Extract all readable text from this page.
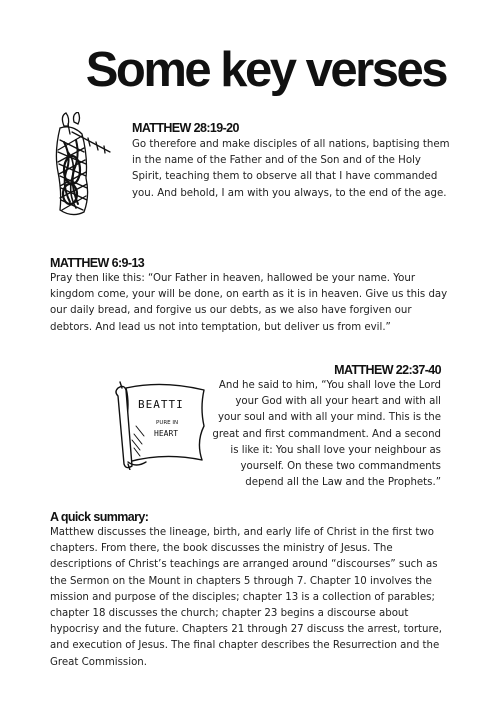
Some key verses
MATTHEW 28:19-20
Go therefore and make disciples of all nations, baptising them in the name of the Father and of the Son and of the Holy Spirit, teaching them to observe all that I have commanded you. And behold, I am with you always, to the end of the age.
MATTHEW 6:9-13
Pray then like this: “Our Father in heaven, hallowed be your name. Your kingdom come, your will be done, on earth as it is in heaven. Give us this day our daily bread, and forgive us our debts, as we also have forgiven our debtors. And lead us not into temptation, but deliver us from evil.”
MATTHEW 22:37-40
And he said to him, “You shall love the Lord your God with all your heart and with all your soul and with all your mind. This is the great and first commandment. And a second is like it: You shall love your neighbour as yourself. On these two commandments depend all the Law and the Prophets.”
BEATTI
PURE IN
HEART
A quick summary:
Matthew discusses the lineage, birth, and early life of Christ in the first two chapters. From there, the book discusses the ministry of Jesus. The descriptions of Christ’s teachings are arranged around “discourses” such as the Sermon on the Mount in chapters 5 through 7. Chapter 10 involves the mission and purpose of the disciples; chapter 13 is a collection of parables; chapter 18 discusses the church; chapter 23 begins a discourse about hypocrisy and the future. Chapters 21 through 27 discuss the arrest, torture, and execution of Jesus. The final chapter describes the Resurrection and the Great Commission.
